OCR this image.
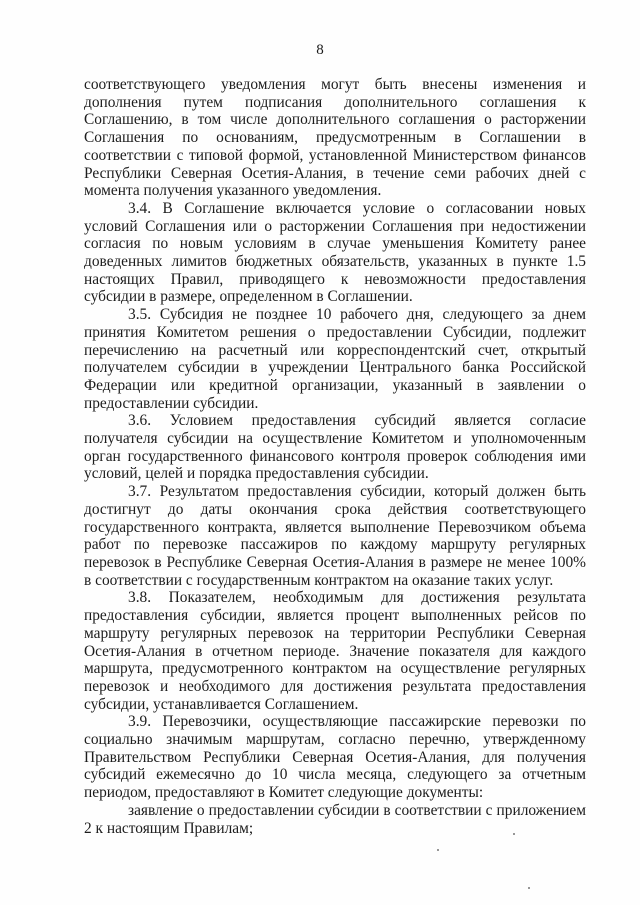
8

соответствующего уведомления могут быть внесены изменения и дополнения путем подписания дополнительного соглашения к Соглашению, в том числе дополнительного соглашения о расторжении Соглашения по основаниям, предусмотренным в Соглашении в соответствии с типовой формой, установленной Министерством финансов Республики Северная Осетия-Алания, в течение семи рабочих дней с момента получения указанного уведомления.

3.4. В Соглашение включается условие о согласовании новых условий Соглашения или о расторжении Соглашения при недостижении согласия по новым условиям в случае уменьшения Комитету ранее доведенных лимитов бюджетных обязательств, указанных в пункте 1.5 настоящих Правил, приводящего к невозможности предоставления субсидии в размере, определенном в Соглашении.

3.5. Субсидия не позднее 10 рабочего дня, следующего за днем принятия Комитетом решения о предоставлении Субсидии, подлежит перечислению на расчетный или корреспондентский счет, открытый получателем субсидии в учреждении Центрального банка Российской Федерации или кредитной организации, указанный в заявлении о предоставлении субсидии.

3.6. Условием предоставления субсидий является согласие получателя субсидии на осуществление Комитетом и уполномоченным орган государственного финансового контроля проверок соблюдения ими условий, целей и порядка предоставления субсидии.

3.7. Результатом предоставления субсидии, который должен быть достигнут до даты окончания срока действия соответствующего государственного контракта, является выполнение Перевозчиком объема работ по перевозке пассажиров по каждому маршруту регулярных перевозок в Республике Северная Осетия-Алания в размере не менее 100% в соответствии с государственным контрактом на оказание таких услуг.

3.8. Показателем, необходимым для достижения результата предоставления субсидии, является процент выполненных рейсов по маршруту регулярных перевозок на территории Республики Северная Осетия-Алания в отчетном периоде. Значение показателя для каждого маршрута, предусмотренного контрактом на осуществление регулярных перевозок и необходимого для достижения результата предоставления субсидии, устанавливается Соглашением.

3.9. Перевозчики, осуществляющие пассажирские перевозки по социально значимым маршрутам, согласно перечню, утвержденному Правительством Республики Северная Осетия-Алания, для получения субсидий ежемесячно до 10 числа месяца, следующего за отчетным периодом, предоставляют в Комитет следующие документы:

заявление о предоставлении субсидии в соответствии с приложением 2 к настоящим Правилам;
